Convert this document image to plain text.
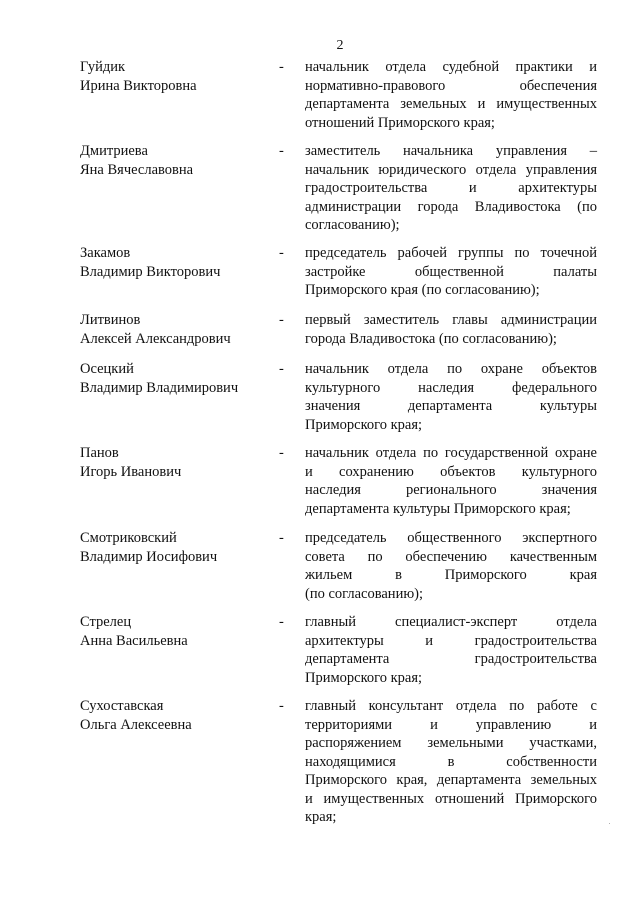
2
Гуйдик
Ирина Викторовна
- начальник отдела судебной практики и
нормативно-правового обеспечения
департамента земельных и имущественных
отношений Приморского края;
Дмитриева
Яна Вячеславовна
- заместитель начальника управления –
начальник юридического отдела управления
градостроительства и архитектуры
администрации города Владивостока (по
согласованию);
Закамов
Владимир Викторович
- председатель рабочей группы по точечной
застройке общественной палаты
Приморского края (по согласованию);
Литвинов
Алексей Александрович
- первый заместитель главы администрации
города Владивостока (по согласованию);
Осецкий
Владимир Владимирович
- начальник отдела по охране объектов
культурного наследия федерального
значения департамента культуры
Приморского края;
Панов
Игорь Иванович
- начальник отдела по государственной охране
и сохранению объектов культурного
наследия регионального значения
департамента культуры Приморского края;
Смотриковский
Владимир Иосифович
- председатель общественного экспертного
совета по обеспечению качественным
жильем в Приморского края
(по согласованию);
Стрелец
Анна Васильевна
- главный специалист-эксперт отдела
архитектуры и градостроительства
департамента градостроительства
Приморского края;
Сухоставская
Ольга Алексеевна
- главный консультант отдела по работе с
территориями и управлению и
распоряжением земельными участками,
находящимися в собственности
Приморского края, департамента земельных
и имущественных отношений Приморского
края;
